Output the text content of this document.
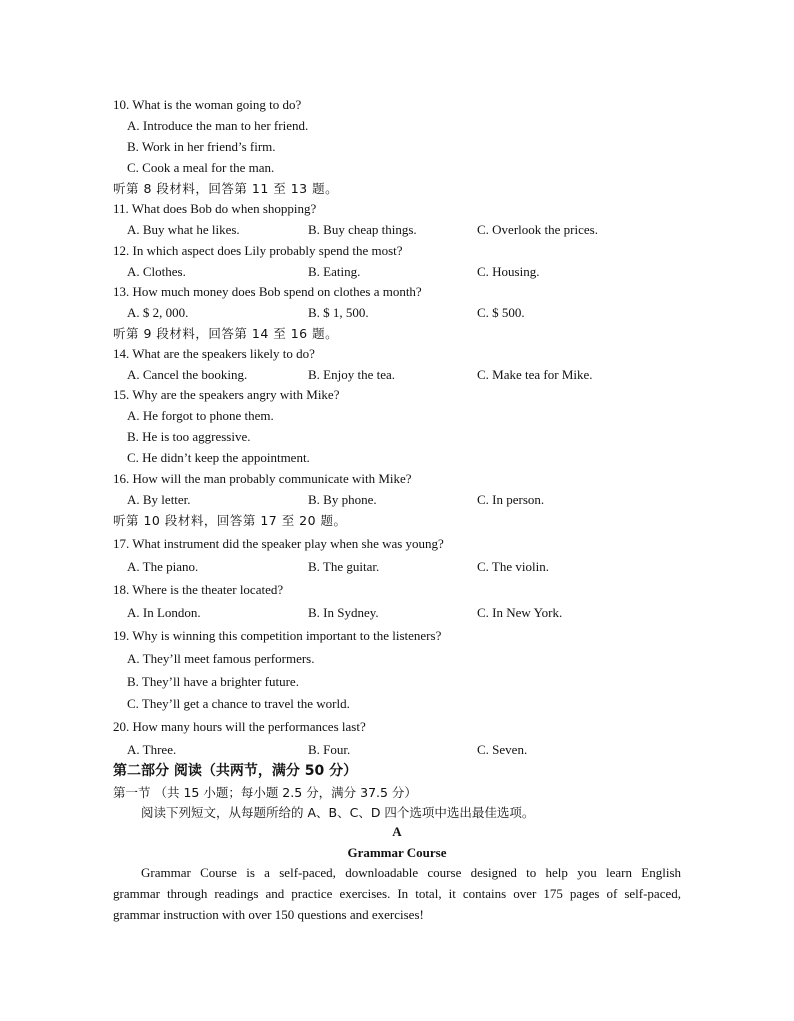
10. What is the woman going to do?
A. Introduce the man to her friend.
B. Work in her friend’s firm.
C. Cook a meal for the man.
听第 8 段材料，回答第 11 至 13 题。
11. What does Bob do when shopping?
A. Buy what he likes.	B. Buy cheap things.	C. Overlook the prices.
12. In which aspect does Lily probably spend the most?
A. Clothes.	B. Eating.	C. Housing.
13. How much money does Bob spend on clothes a month?
A. $ 2, 000.	B. $ 1, 500.	C. $ 500.
听第 9 段材料，回答第 14 至 16 题。
14. What are the speakers likely to do?
A. Cancel the booking.	B. Enjoy the tea.	C. Make tea for Mike.
15. Why are the speakers angry with Mike?
A. He forgot to phone them.
B. He is too aggressive.
C. He didn’t keep the appointment.
16. How will the man probably communicate with Mike?
A. By letter.	B. By phone.	C. In person.
听第 10 段材料，回答第 17 至 20 题。
17. What instrument did the speaker play when she was young?
A. The piano.	B. The guitar.	C. The violin.
18. Where is the theater located?
A. In London.	B. In Sydney.	C. In New York.
19. Why is winning this competition important to the listeners?
A. They’ll meet famous performers.
B. They’ll have a brighter future.
C. They’ll get a chance to travel the world.
20. How many hours will the performances last?
A. Three.	B. Four.	C. Seven.
第二部分 阅读（共两节，满分 50 分）
第一节 （共 15 小题；每小题 2.5 分，满分 37.5 分）
阅读下列短文，从每题所给的 A、B、C、D 四个选项中选出最佳选项。
A
Grammar Course
Grammar Course is a self-paced, downloadable course designed to help you learn English
grammar through readings and practice exercises. In total, it contains over 175 pages of self-paced,
grammar instruction with over 150 questions and exercises!
